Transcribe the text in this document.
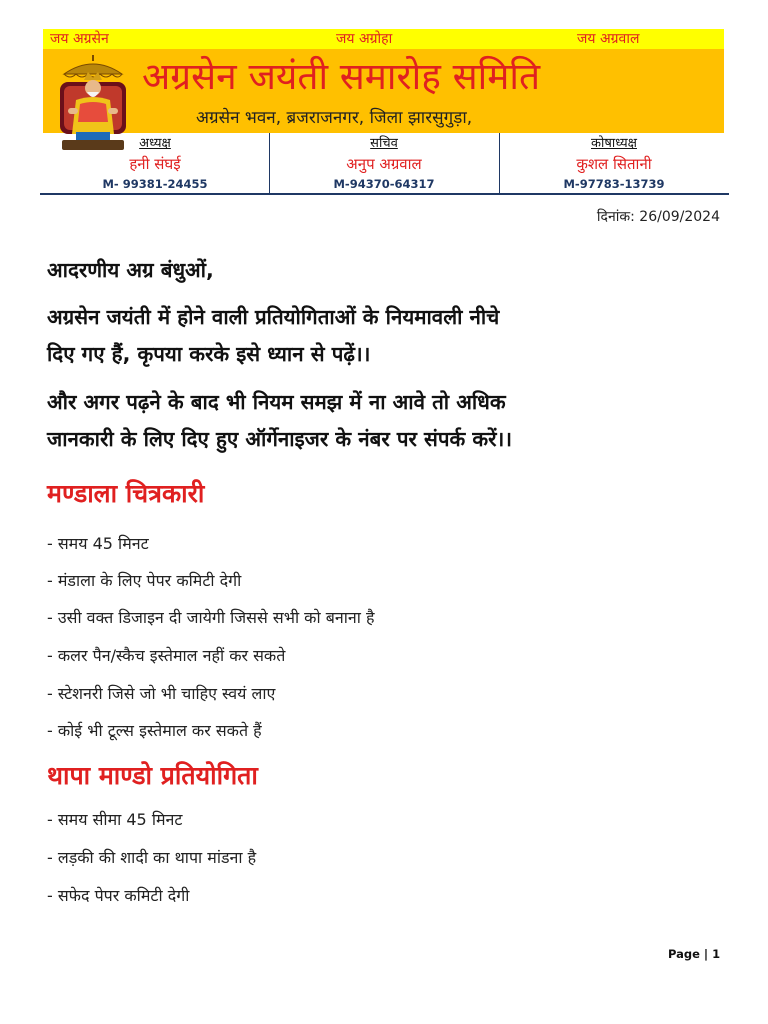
जय अग्रसेन	जय अग्रोहा	जय अग्रवाल
अग्रसेन जयंती समारोह समिति
अग्रसेन भवन, ब्रजराजनगर, जिला झारसुगुड़ा,
अध्यक्ष
हनी संघई
M- 99381-24455
सचिव
अनुप अग्रवाल
M-94370-64317
कोषाध्यक्ष
कुशल सितानी
M-97783-13739
दिनांक: 26/09/2024
आदरणीय अग्र बंधुओं,
अग्रसेन जयंती में होने वाली प्रतियोगिताओं के नियमावली नीचे
दिए गए हैं, कृपया करके इसे ध्यान से पढ़ें।।
और अगर पढ़ने के बाद भी नियम समझ में ना आवे तो अधिक
जानकारी के लिए दिए हुए ऑर्गेनाइजर के नंबर पर संपर्क करें।।
मण्डाला चित्रकारी
- समय 45 मिनट
- मंडाला के लिए पेपर कमिटी देगी
- उसी वक्त डिजाइन दी जायेगी जिससे सभी को बनाना है
- कलर पैन/स्कैच इस्तेमाल नहीं कर सकते
- स्टेशनरी जिसे जो भी चाहिए स्वयं लाए
- कोई भी टूल्स इस्तेमाल कर सकते हैं
थापा माण्डो प्रतियोगिता
- समय सीमा 45 मिनट
- लड़की की शादी का थापा मांडना है
- सफेद पेपर कमिटी देगी
Page | 1
